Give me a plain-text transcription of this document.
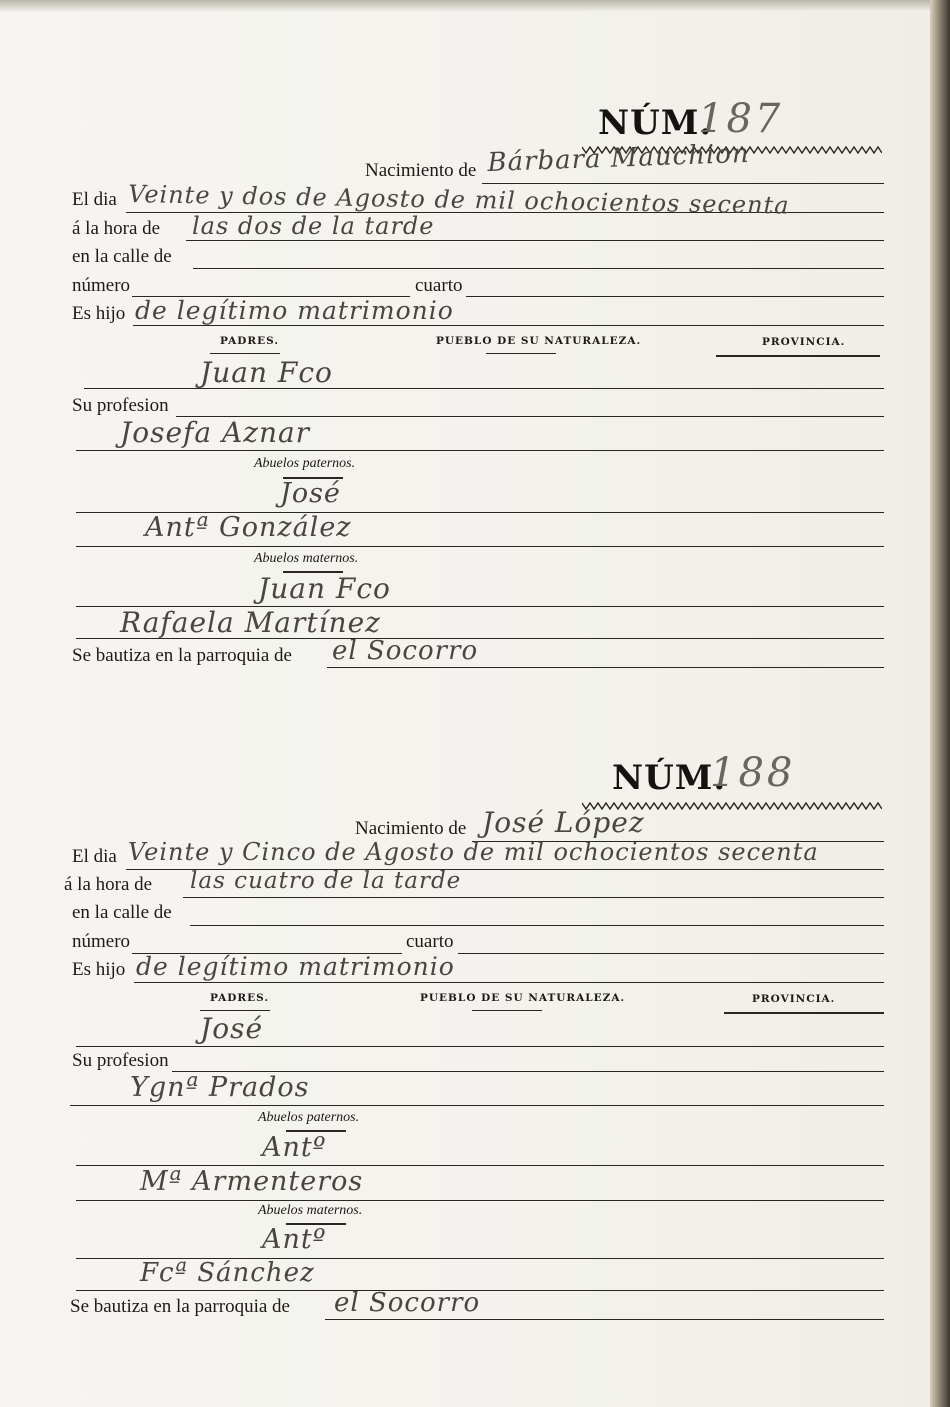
NÚM.
187
Nacimiento de Bárbara Mauchion
El dia Veinte y dos de Agosto de mil ochocientos secenta
á la hora de las dos de la tarde
en la calle de
número	cuarto
Es hijo de legítimo matrimonio
PADRES.	PUEBLO DE SU NATURALEZA.	PROVINCIA.
Juan Fco
Su profesion
Josefa Aznar
Abuelos paternos.
José
Antª González
Abuelos maternos.
Juan Fco
Rafaela Martínez
Se bautiza en la parroquia de el Socorro
NÚM.
188
Nacimiento de José López
El dia Veinte y Cinco de Agosto de mil ochocientos secenta
á la hora de las cuatro de la tarde
en la calle de
número	cuarto
Es hijo de legítimo matrimonio
PADRES.	PUEBLO DE SU NATURALEZA.	PROVINCIA.
José
Su profesion
Ygnª Prados
Abuelos paternos.
Antº
Mª Armenteros
Abuelos maternos.
Antº
Fcª Sánchez
Se bautiza en la parroquia de el Socorro
